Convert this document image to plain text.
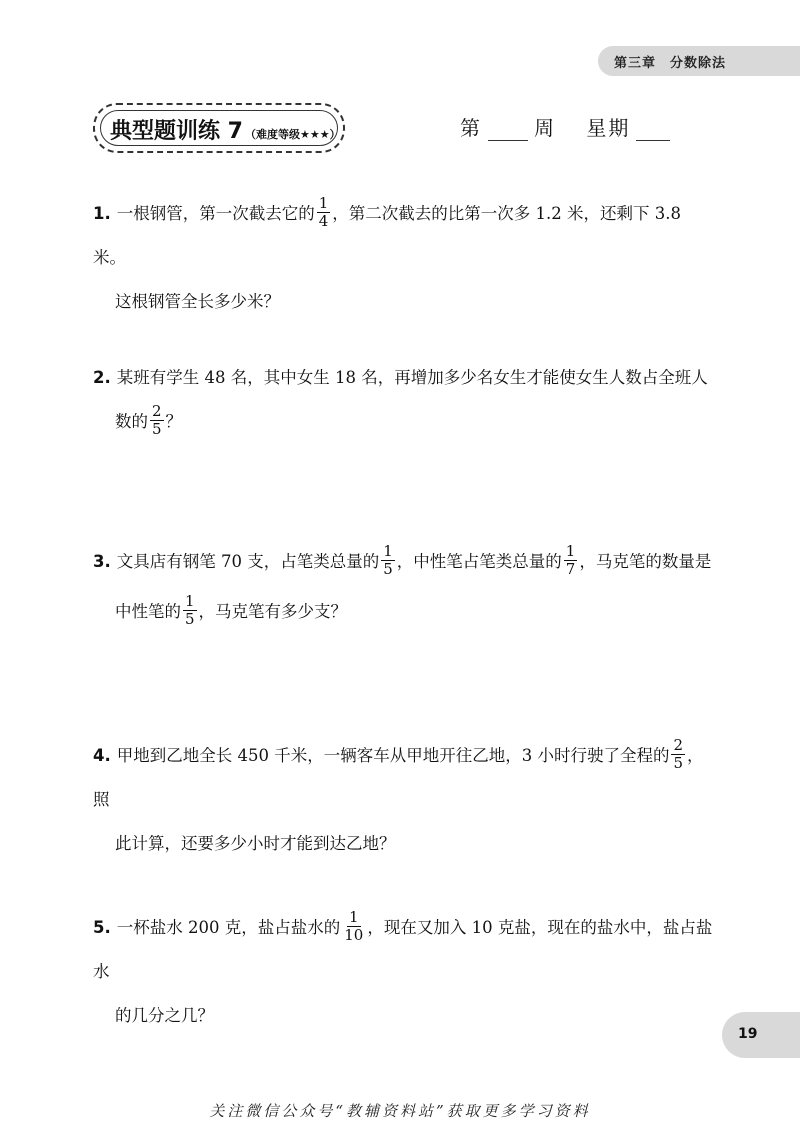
第三章　分数除法
典型题训练 7 （难度等级★★★）	第	周 星期
1. 一根钢管，第一次截去它的 $\frac{1}{4}$ ，第二次截去的比第一次多 1.2 米，还剩下 3.8 米。
这根钢管全长多少米？
2. 某班有学生 48 名，其中女生 18 名，再增加多少名女生才能使女生人数占全班人
数的 $\frac{2}{5}$ ？
3. 文具店有钢笔 70 支，占笔类总量的 $\frac{1}{5}$ ，中性笔占笔类总量的 $\frac{1}{7}$ ，马克笔的数量是
中性笔的 $\frac{1}{5}$ ，马克笔有多少支？
4. 甲地到乙地全长 450 千米，一辆客车从甲地开往乙地，3 小时行驶了全程的 $\frac{2}{5}$ ，照
此计算，还要多少小时才能到达乙地？
5. 一杯盐水 200 克，盐占盐水的 $\frac{1}{10}$ ，现在又加入 10 克盐，现在的盐水中，盐占盐水
的几分之几？
19
关注微信公众号“教辅资料站”获取更多学习资料
